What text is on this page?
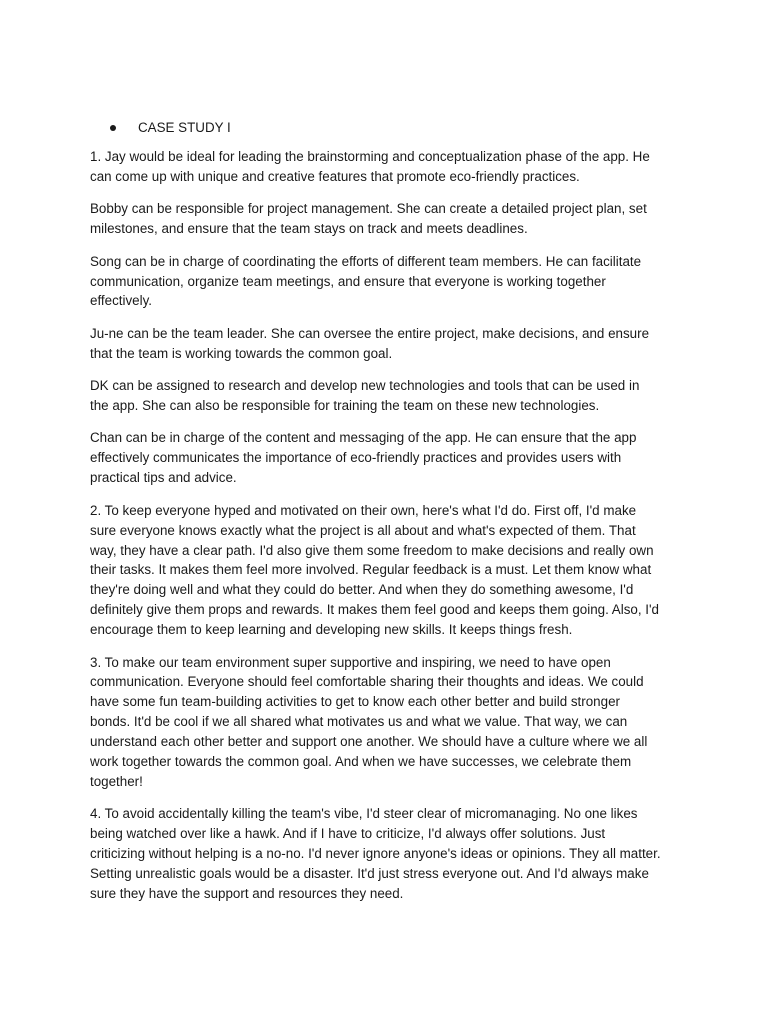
CASE STUDY I

1. Jay would be ideal for leading the brainstorming and conceptualization phase of the app. He
can come up with unique and creative features that promote eco-friendly practices.

Bobby can be responsible for project management. She can create a detailed project plan, set
milestones, and ensure that the team stays on track and meets deadlines.

Song can be in charge of coordinating the efforts of different team members. He can facilitate
communication, organize team meetings, and ensure that everyone is working together
effectively.

Ju-ne can be the team leader. She can oversee the entire project, make decisions, and ensure
that the team is working towards the common goal.

DK can be assigned to research and develop new technologies and tools that can be used in
the app. She can also be responsible for training the team on these new technologies.

Chan can be in charge of the content and messaging of the app. He can ensure that the app
effectively communicates the importance of eco-friendly practices and provides users with
practical tips and advice.

2. To keep everyone hyped and motivated on their own, here's what I'd do. First off, I'd make
sure everyone knows exactly what the project is all about and what's expected of them. That
way, they have a clear path. I'd also give them some freedom to make decisions and really own
their tasks. It makes them feel more involved. Regular feedback is a must. Let them know what
they're doing well and what they could do better. And when they do something awesome, I'd
definitely give them props and rewards. It makes them feel good and keeps them going. Also, I'd
encourage them to keep learning and developing new skills. It keeps things fresh.

3. To make our team environment super supportive and inspiring, we need to have open
communication. Everyone should feel comfortable sharing their thoughts and ideas. We could
have some fun team-building activities to get to know each other better and build stronger
bonds. It'd be cool if we all shared what motivates us and what we value. That way, we can
understand each other better and support one another. We should have a culture where we all
work together towards the common goal. And when we have successes, we celebrate them
together!

4. To avoid accidentally killing the team's vibe, I'd steer clear of micromanaging. No one likes
being watched over like a hawk. And if I have to criticize, I'd always offer solutions. Just
criticizing without helping is a no-no. I'd never ignore anyone's ideas or opinions. They all matter.
Setting unrealistic goals would be a disaster. It'd just stress everyone out. And I'd always make
sure they have the support and resources they need.
